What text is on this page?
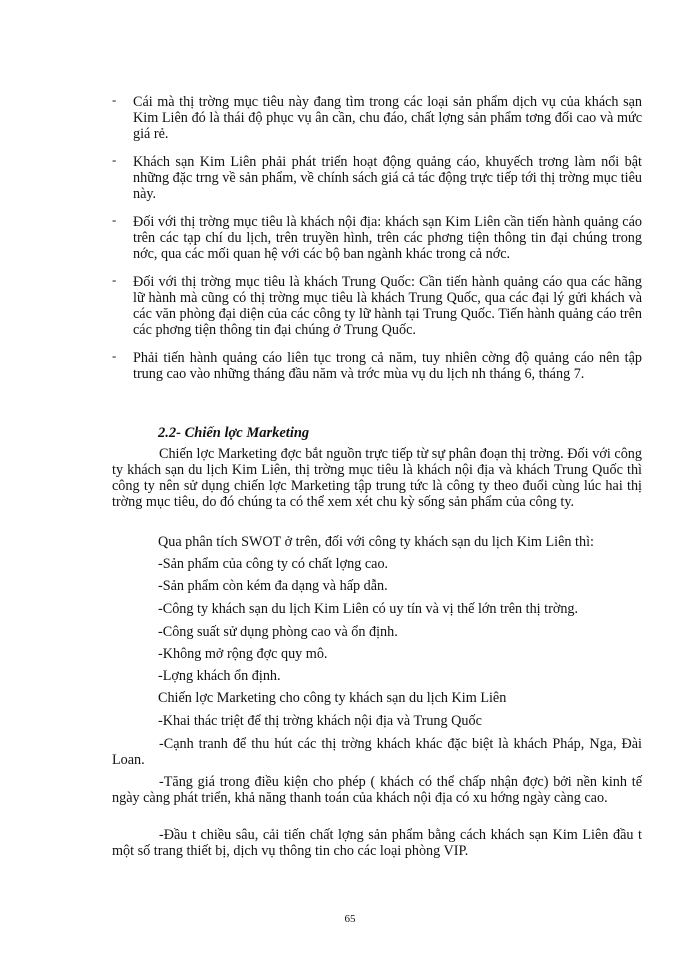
- Cái mà thị trờng mục tiêu này đang tìm trong các loại sản phẩm dịch vụ của khách sạn Kim Liên đó là thái độ phục vụ ân cần, chu đáo, chất lợng sản phẩm tơng đối cao và mức giá rẻ.
- Khách sạn Kim Liên phải phát triển hoạt động quảng cáo, khuyếch trơng làm nổi bật những đặc trng về sản phẩm, về chính sách giá cả tác động trực tiếp tới thị trờng mục tiêu này.
- Đối với thị trờng mục tiêu là khách nội địa: khách sạn Kim Liên cần tiến hành quảng cáo trên các tạp chí du lịch, trên truyền hình, trên các phơng tiện thông tin đại chúng trong nớc, qua các mối quan hệ với các bộ ban ngành khác trong cả nớc.
- Đối với thị trờng mục tiêu là khách Trung Quốc: Cần tiến hành quảng cáo qua các hãng lữ hành mà cũng có thị trờng mục tiêu là khách Trung Quốc, qua các đại lý gửi khách và các văn phòng đại diện của các công ty lữ hành tại Trung Quốc. Tiến hành quảng cáo trên các phơng tiện thông tin đại chúng ở Trung Quốc.
- Phải tiến hành quảng cáo liên tục trong cả năm, tuy nhiên cờng độ quảng cáo nên tập trung cao vào những tháng đầu năm và trớc mùa vụ du lịch nh tháng 6, tháng 7.
2.2- Chiến lợc Marketing
Chiến lợc Marketing đợc bắt nguồn trực tiếp từ sự phân đoạn thị trờng. Đối với công ty khách sạn du lịch Kim Liên, thị trờng mục tiêu là khách nội địa và khách Trung Quốc thì công ty nên sử dụng chiến lợc Marketing tập trung tức là công ty theo đuổi cùng lúc hai thị trờng mục tiêu, do đó chúng ta có thể xem xét chu kỳ sống sản phẩm của công ty.
Qua phân tích SWOT ở trên, đối với công ty khách sạn du lịch Kim Liên thì:
-Sản phẩm của công ty có chất lợng cao.
-Sản phẩm còn kém đa dạng và hấp dẫn.
-Công ty khách sạn du lịch Kim Liên có uy tín và vị thế lớn trên thị trờng.
-Công suất sử dụng phòng cao và ổn định.
-Không mở rộng đợc quy mô.
-Lợng khách ổn định.
Chiến lợc Marketing cho công ty khách sạn du lịch Kim Liên
-Khai thác triệt để thị trờng khách nội địa và Trung Quốc
-Cạnh tranh để thu hút các thị trờng khách khác đặc biệt là khách Pháp, Nga, Đài Loan.
-Tăng giá trong điều kiện cho phép ( khách có thể chấp nhận đợc) bởi nền kinh tế ngày càng phát triển, khả năng thanh toán của khách nội địa có xu hớng ngày càng cao.
-Đầu t chiều sâu, cải tiến chất lợng sản phẩm bằng cách khách sạn Kim Liên đầu t một số trang thiết bị, dịch vụ thông tin cho các loại phòng VIP.
65
